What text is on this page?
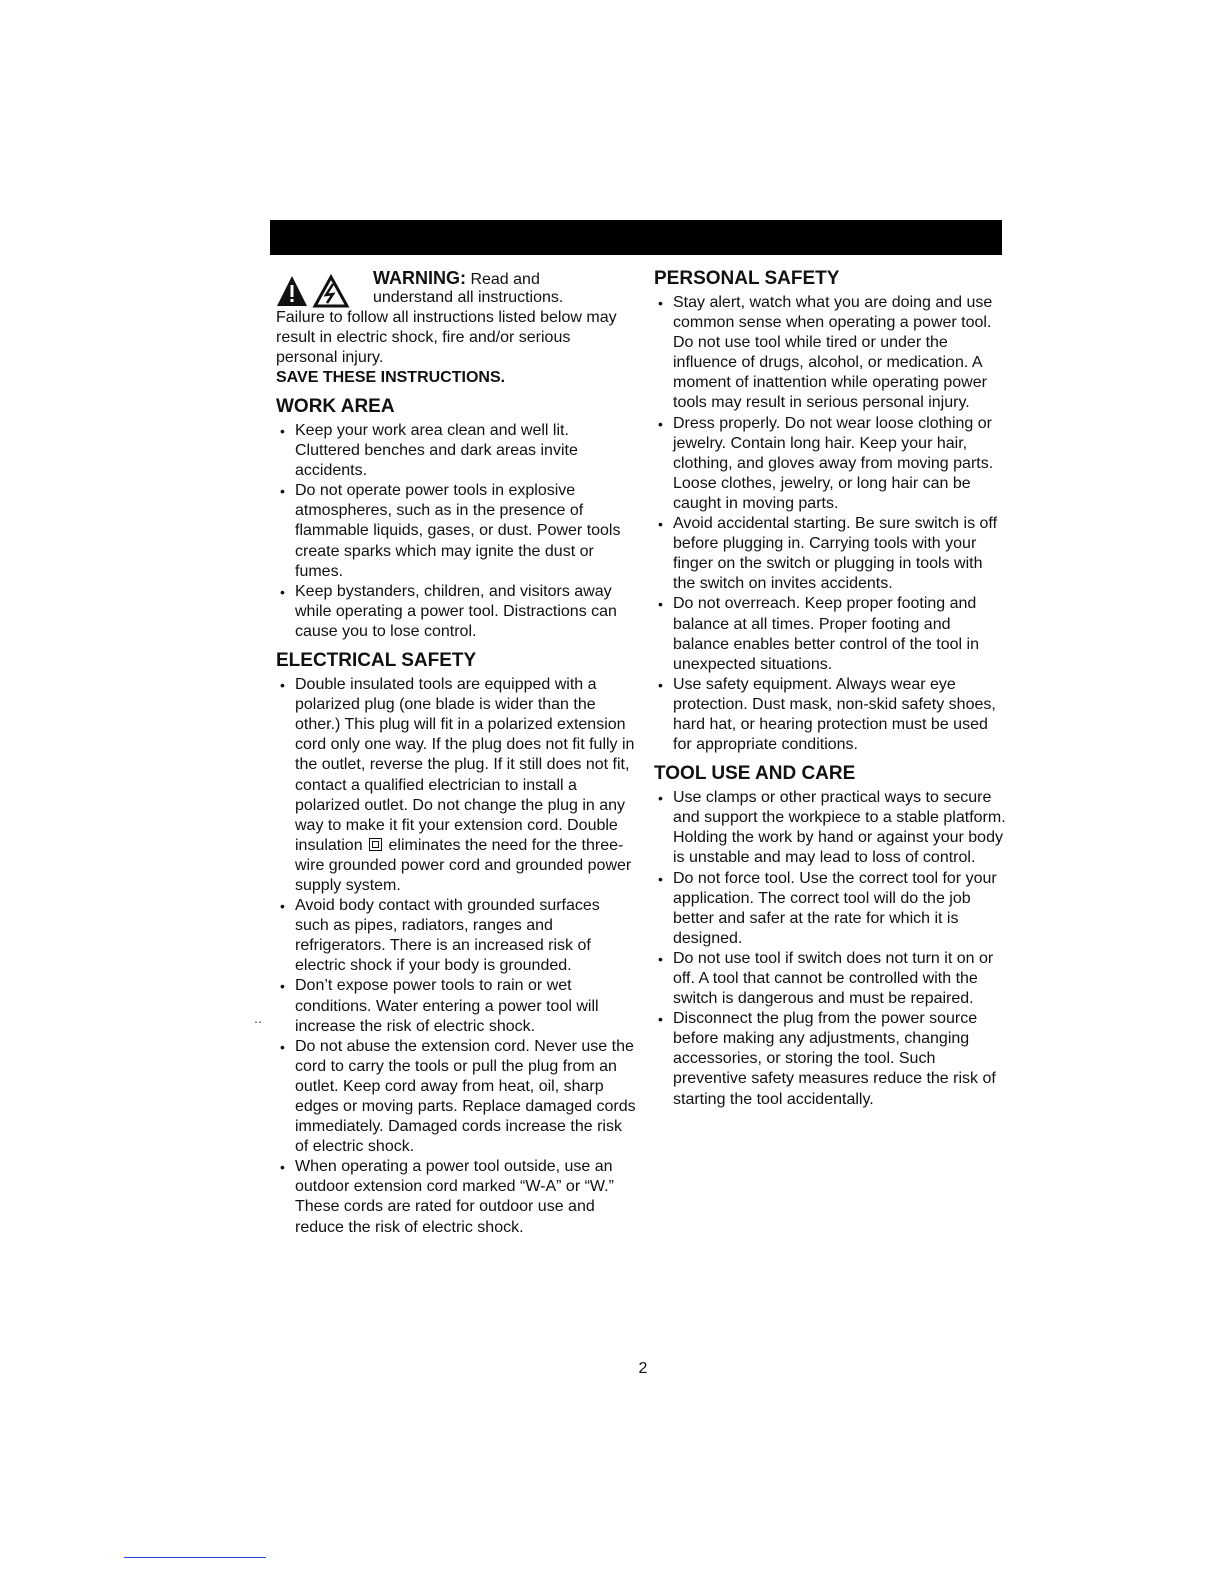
WARNING: Read and
understand all instructions.

Failure to follow all instructions listed below may result in electric shock, fire and/or serious personal injury.

SAVE THESE INSTRUCTIONS.
WORK AREA
• Keep your work area clean and well lit. Cluttered benches and dark areas invite accidents.
• Do not operate power tools in explosive atmospheres, such as in the presence of flammable liquids, gases, or dust. Power tools create sparks which may ignite the dust or fumes.
• Keep bystanders, children, and visitors away while operating a power tool. Distractions can cause you to lose control.
ELECTRICAL SAFETY
• Double insulated tools are equipped with a polarized plug (one blade is wider than the other.) This plug will fit in a polarized extension cord only one way. If the plug does not fit fully in the outlet, reverse the plug. If it still does not fit, contact a qualified electrician to install a polarized outlet. Do not change the plug in any way to make it fit your extension cord. Double insulation eliminates the need for the three-wire grounded power cord and grounded power supply system.
• Avoid body contact with grounded surfaces such as pipes, radiators, ranges and refrigerators. There is an increased risk of electric shock if your body is grounded.
• Don’t expose power tools to rain or wet conditions. Water entering a power tool will increase the risk of electric shock.
• Do not abuse the extension cord. Never use the cord to carry the tools or pull the plug from an outlet. Keep cord away from heat, oil, sharp edges or moving parts. Replace damaged cords immediately. Damaged cords increase the risk of electric shock.
• When operating a power tool outside, use an outdoor extension cord marked “W-A” or “W.” These cords are rated for outdoor use and reduce the risk of electric shock.
PERSONAL SAFETY
• Stay alert, watch what you are doing and use common sense when operating a power tool. Do not use tool while tired or under the influence of drugs, alcohol, or medication. A moment of inattention while operating power tools may result in serious personal injury.
• Dress properly. Do not wear loose clothing or jewelry. Contain long hair. Keep your hair, clothing, and gloves away from moving parts. Loose clothes, jewelry, or long hair can be caught in moving parts.
• Avoid accidental starting. Be sure switch is off before plugging in. Carrying tools with your finger on the switch or plugging in tools with the switch on invites accidents.
• Do not overreach. Keep proper footing and balance at all times. Proper footing and balance enables better control of the tool in unexpected situations.
• Use safety equipment. Always wear eye protection. Dust mask, non-skid safety shoes, hard hat, or hearing protection must be used for appropriate conditions.
TOOL USE AND CARE
• Use clamps or other practical ways to secure and support the workpiece to a stable platform. Holding the work by hand or against your body is unstable and may lead to loss of control.
• Do not force tool. Use the correct tool for your application. The correct tool will do the job better and safer at the rate for which it is designed.
• Do not use tool if switch does not turn it on or off. A tool that cannot be controlled with the switch is dangerous and must be repaired.
• Disconnect the plug from the power source before making any adjustments, changing accessories, or storing the tool. Such preventive safety measures reduce the risk of starting the tool accidentally.
‥
2
